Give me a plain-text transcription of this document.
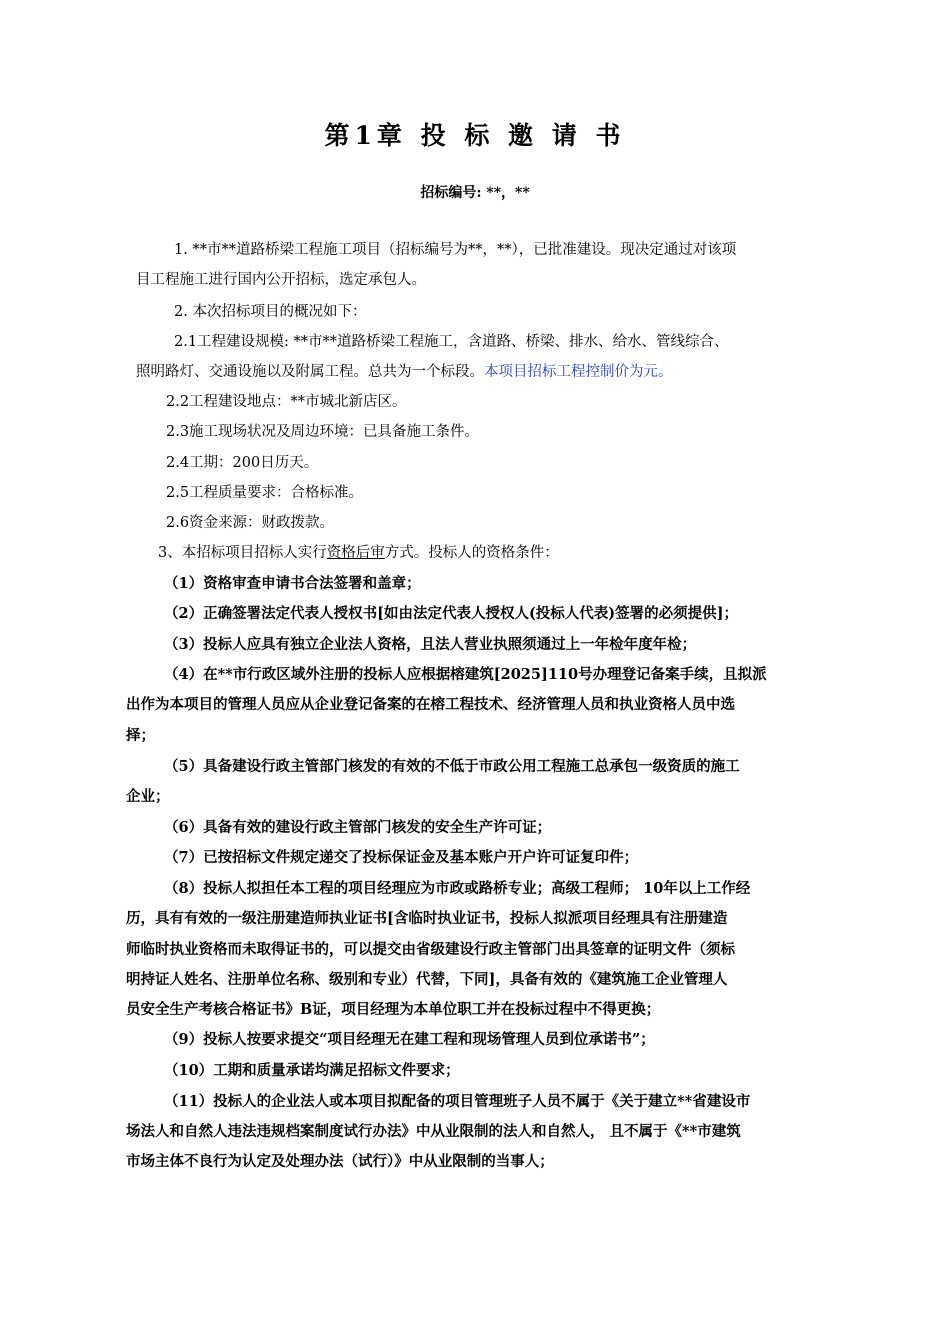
第1章 投 标 邀 请 书
招标编号: **，**
1. **市**道路桥梁工程施工项目（招标编号为**，**），已批准建设。现决定通过对该项
目工程施工进行国内公开招标，选定承包人。
2. 本次招标项目的概况如下：
2.1工程建设规模: **市**道路桥梁工程施工，含道路、桥梁、排水、给水、管线综合、
照明路灯、交通设施以及附属工程。总共为一个标段。本项目招标工程控制价为元。
2.2工程建设地点：**市城北新店区。
2.3施工现场状况及周边环境：已具备施工条件。
2.4工期：200日历天。
2.5工程质量要求：合格标准。
2.6资金来源：财政拨款。
3、本招标项目招标人实行资格后审方式。投标人的资格条件：
（1）资格审查申请书合法签署和盖章；
（2）正确签署法定代表人授权书[如由法定代表人授权人(投标人代表)签署的必须提供]；
（3）投标人应具有独立企业法人资格，且法人营业执照须通过上一年检年度年检；
（4）在**市行政区域外注册的投标人应根据榕建筑[2025]110号办理登记备案手续，且拟派
出作为本项目的管理人员应从企业登记备案的在榕工程技术、经济管理人员和执业资格人员中选
择；
（5）具备建设行政主管部门核发的有效的不低于市政公用工程施工总承包一级资质的施工
企业；
（6）具备有效的建设行政主管部门核发的安全生产许可证；
（7）已按招标文件规定递交了投标保证金及基本账户开户许可证复印件；
（8）投标人拟担任本工程的项目经理应为市政或路桥专业；高级工程师； 10年以上工作经
历，具有有效的一级注册建造师执业证书[含临时执业证书，投标人拟派项目经理具有注册建造
师临时执业资格而未取得证书的，可以提交由省级建设行政主管部门出具签章的证明文件（须标
明持证人姓名、注册单位名称、级别和专业）代替，下同]，具备有效的《建筑施工企业管理人
员安全生产考核合格证书》B证，项目经理为本单位职工并在投标过程中不得更换；
（9）投标人按要求提交“项目经理无在建工程和现场管理人员到位承诺书”；
（10）工期和质量承诺均满足招标文件要求；
（11）投标人的企业法人或本项目拟配备的项目管理班子人员不属于《关于建立**省建设市
场法人和自然人违法违规档案制度试行办法》中从业限制的法人和自然人， 且不属于《**市建筑
市场主体不良行为认定及处理办法（试行）》中从业限制的当事人；
